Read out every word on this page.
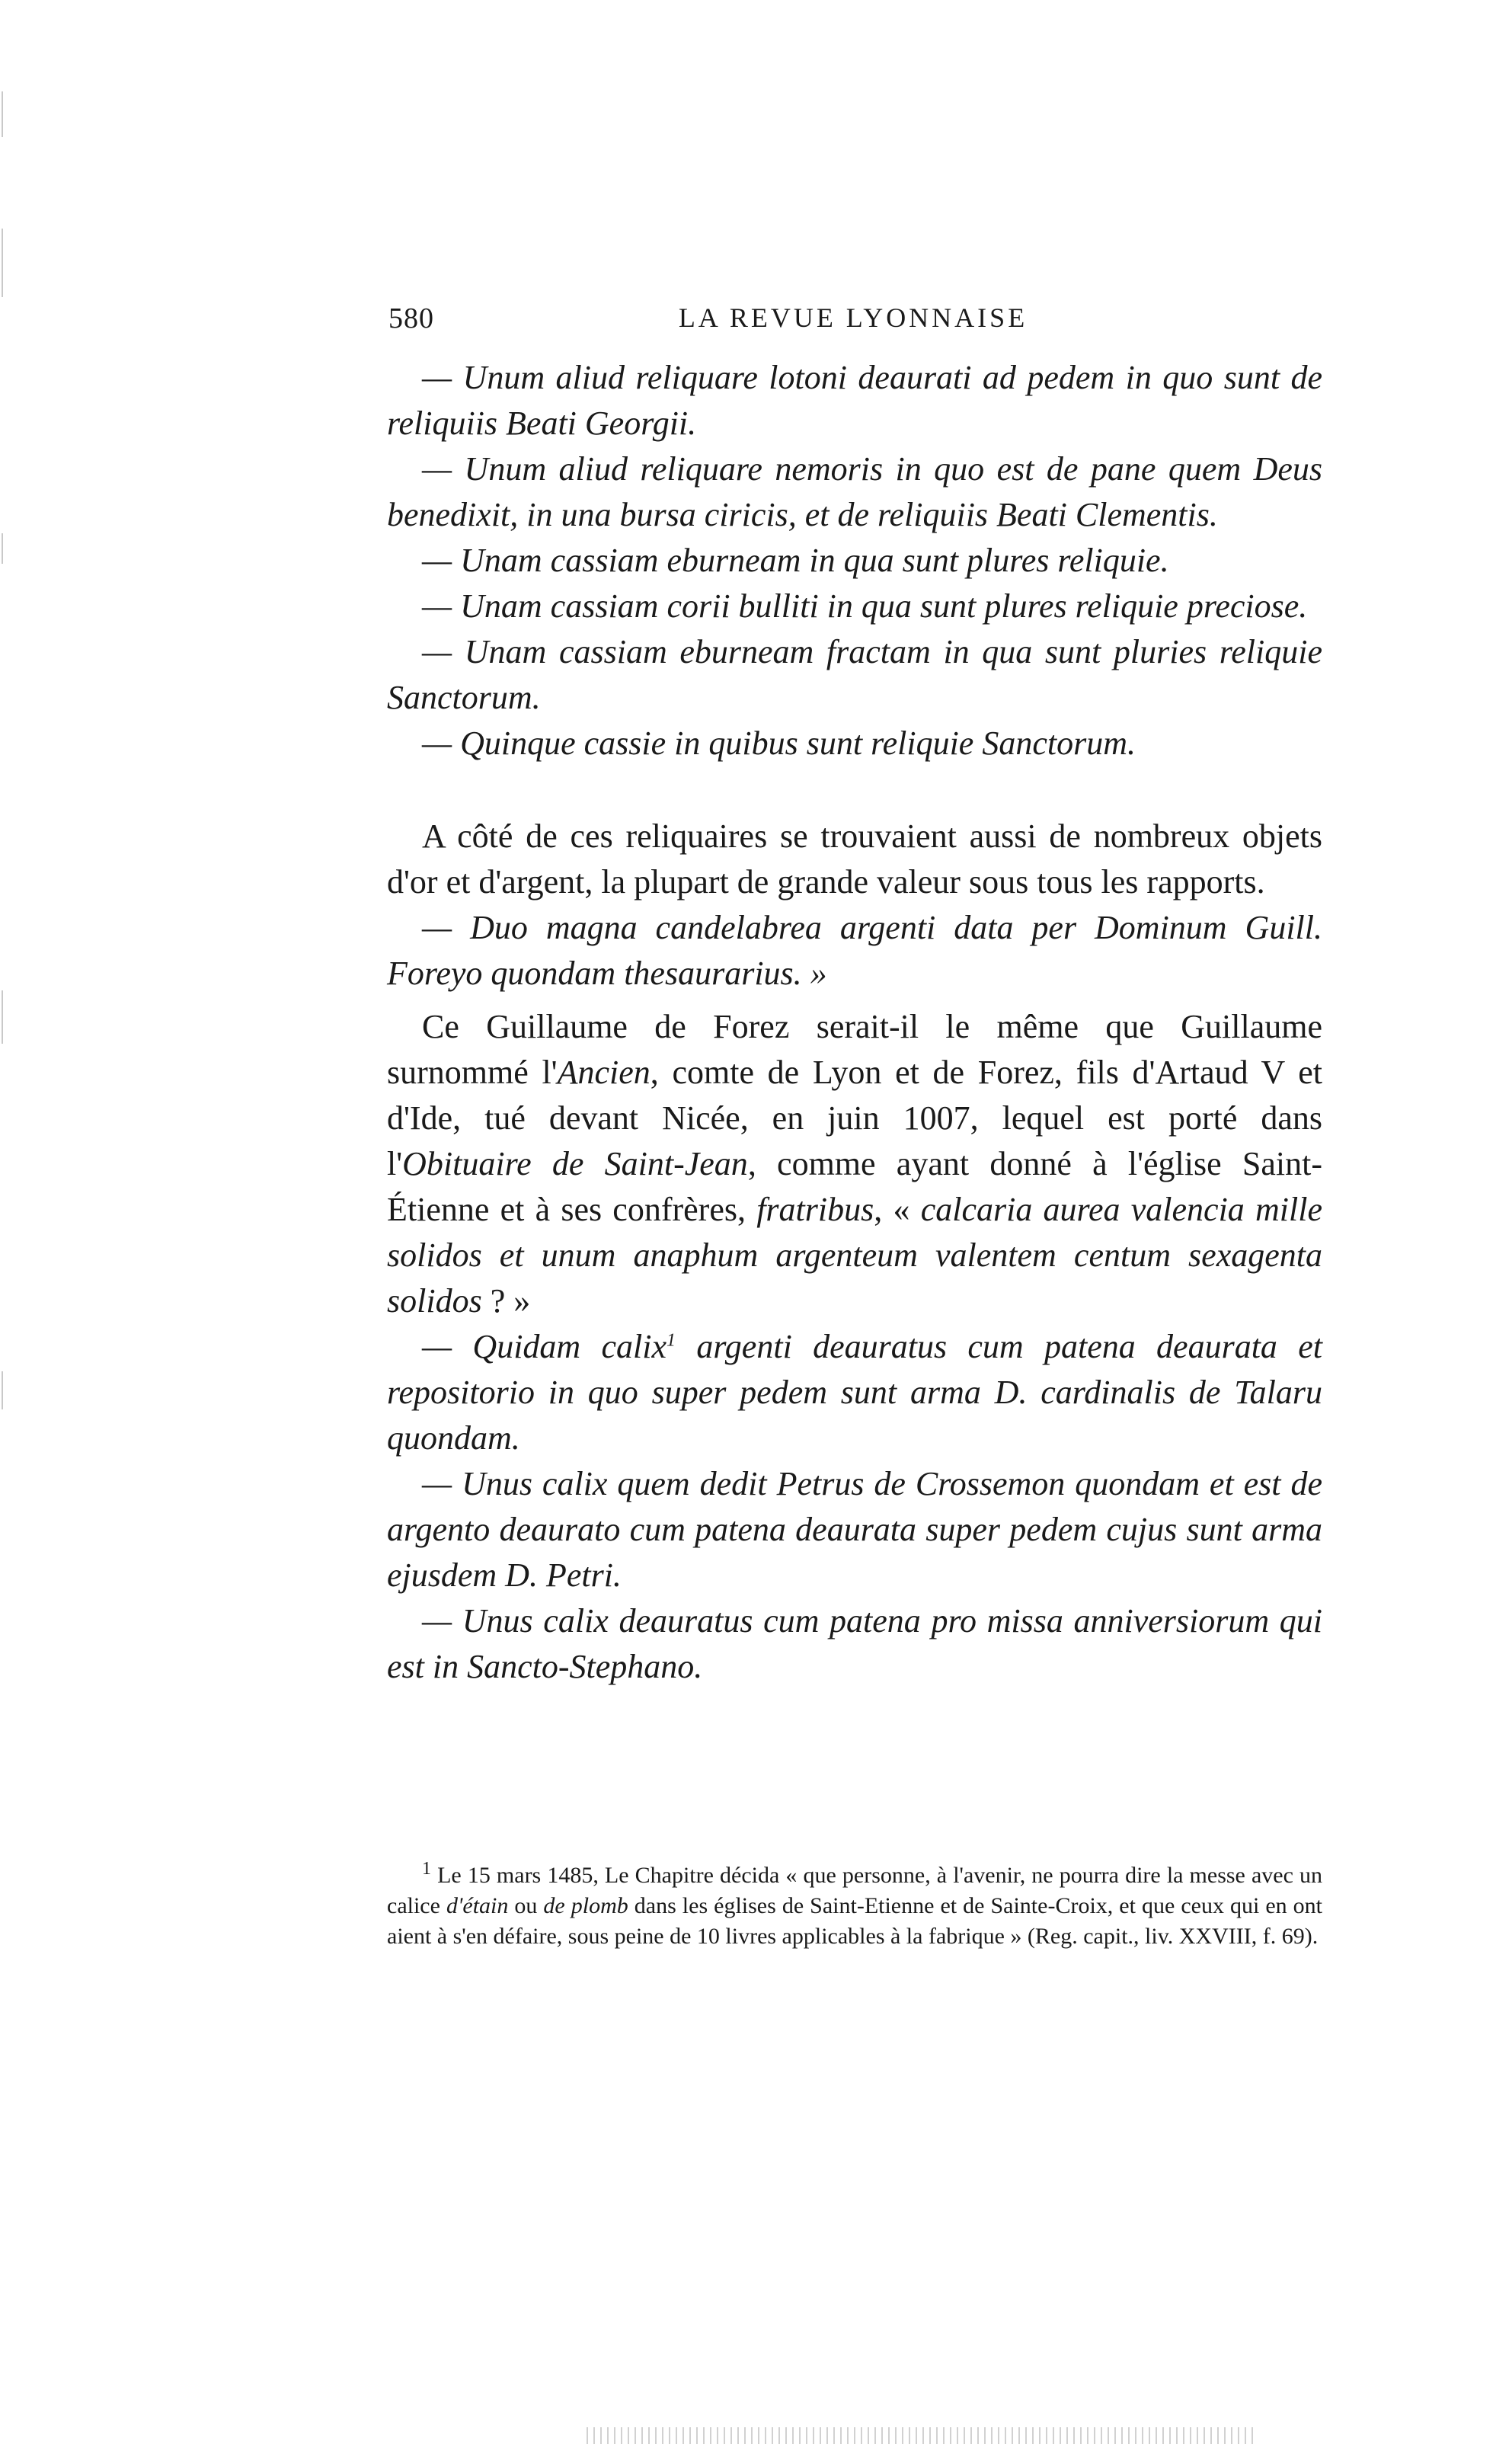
580	LA REVUE LYONNAISE

— Unum aliud reliquare lotoni deaurati ad pedem in quo sunt de reliquiis Beati Georgii.

— Unum aliud reliquare nemoris in quo est de pane quem Deus benedixit, in una bursa ciricis, et de reliquiis Beati Clementis.

— Unam cassiam eburneam in qua sunt plures reliquie.

— Unam cassiam corii bulliti in qua sunt plures reliquie preciose.

— Unam cassiam eburneam fractam in qua sunt pluries reliquie Sanctorum.

— Quinque cassie in quibus sunt reliquie Sanctorum.

A côté de ces reliquaires se trouvaient aussi de nombreux objets d'or et d'argent, la plupart de grande valeur sous tous les rapports.

— Duo magna candelabrea argenti data per Dominum Guill. Foreyo quondam thesaurarius. »

Ce Guillaume de Forez serait-il le même que Guillaume surnommé l'Ancien, comte de Lyon et de Forez, fils d'Artaud V et d'Ide, tué devant Nicée, en juin 1007, lequel est porté dans l'Obituaire de Saint-Jean, comme ayant donné à l'église Saint-Étienne et à ses confrères, fratribus, « calcaria aurea valencia mille solidos et unum anaphum argenteum valentem centum sexagenta solidos ? »

— Quidam calix$^1$ argenti deauratus cum patena deaurata et repositorio in quo super pedem sunt arma D. cardinalis de Talaru quondam.

— Unus calix quem dedit Petrus de Crossemon quondam et est de argento deaurato cum patena deaurata super pedem cujus sunt arma ejusdem D. Petri.

— Unus calix deauratus cum patena pro missa anniversiorum qui est in Sancto-Stephano.

$^1$ Le 15 mars 1485, Le Chapitre décida « que personne, à l'avenir, ne pourra dire la messe avec un calice d'étain ou de plomb dans les églises de Saint-Etienne et de Sainte-Croix, et que ceux qui en ont aient à s'en défaire, sous peine de 10 livres applicables à la fabrique » (Reg. capit., liv. XXVIII, f. 69).
